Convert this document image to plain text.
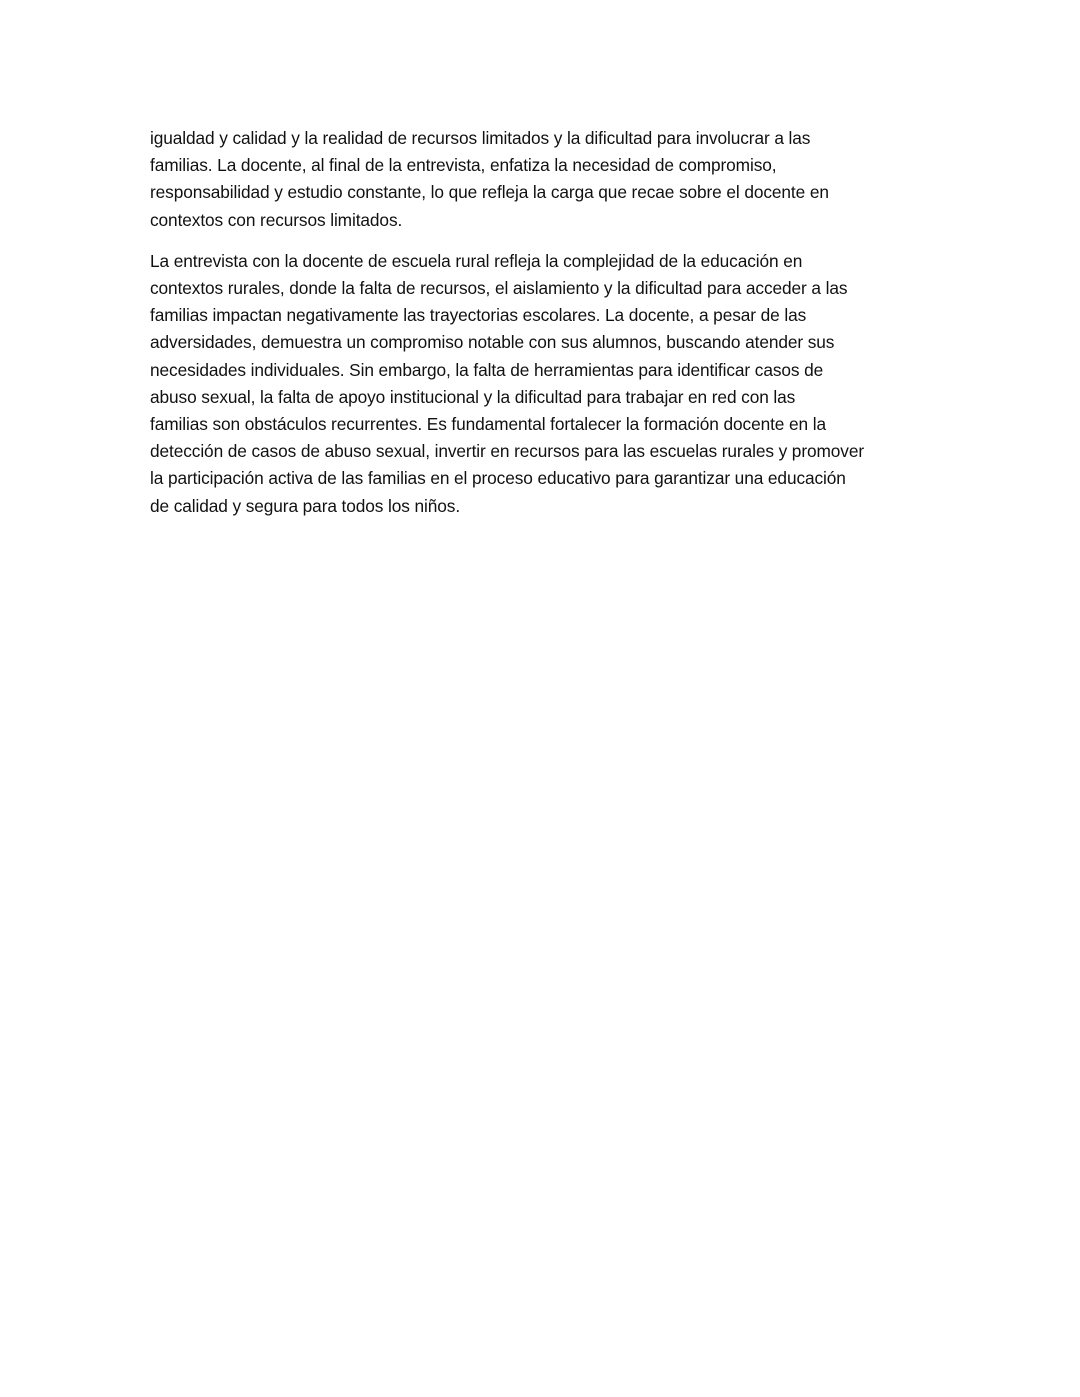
igualdad y calidad y la realidad de recursos limitados y la dificultad para involucrar a las
familias. La docente, al final de la entrevista, enfatiza la necesidad de compromiso,
responsabilidad y estudio constante, lo que refleja la carga que recae sobre el docente en
contextos con recursos limitados.

La entrevista con la docente de escuela rural refleja la complejidad de la educación en
contextos rurales, donde la falta de recursos, el aislamiento y la dificultad para acceder a las
familias impactan negativamente las trayectorias escolares. La docente, a pesar de las
adversidades, demuestra un compromiso notable con sus alumnos, buscando atender sus
necesidades individuales. Sin embargo, la falta de herramientas para identificar casos de
abuso sexual, la falta de apoyo institucional y la dificultad para trabajar en red con las
familias son obstáculos recurrentes. Es fundamental fortalecer la formación docente en la
detección de casos de abuso sexual, invertir en recursos para las escuelas rurales y promover
la participación activa de las familias en el proceso educativo para garantizar una educación
de calidad y segura para todos los niños.
